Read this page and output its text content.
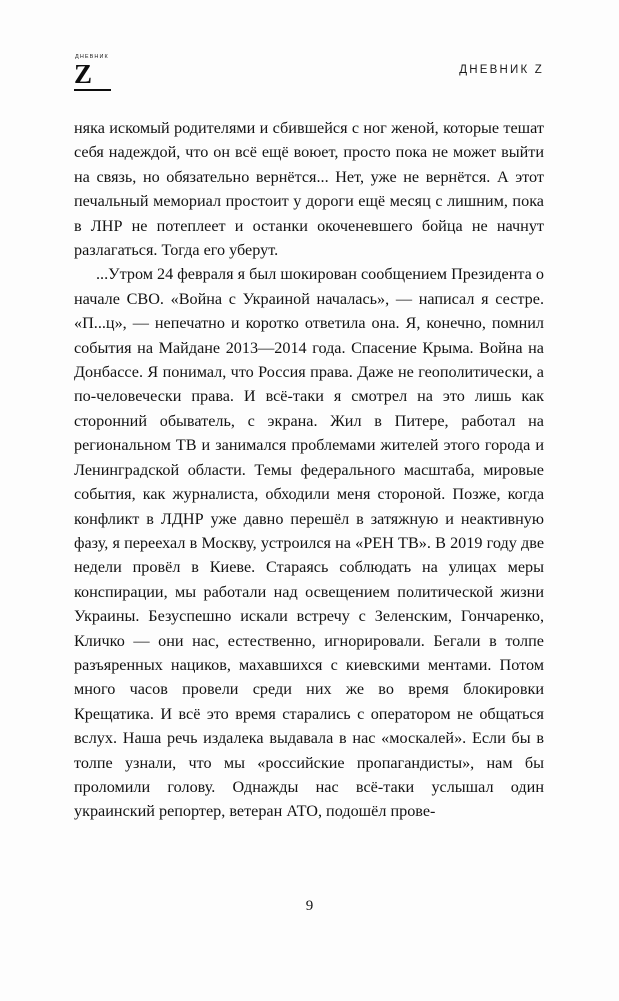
ДНЕВНИК
Z	ДНЕВНИК Z

няка искомый родителями и сбившейся с ног женой, которые тешат себя надеждой, что он всё ещё воюет, просто пока не может выйти на связь, но обязательно вернётся... Нет, уже не вернётся. А этот печальный мемориал простоит у дороги ещё месяц с лишним, пока в ЛНР не потеплеет и останки окоченевшего бойца не начнут разлагаться. Тогда его уберут.

...Утром 24 февраля я был шокирован сообщением Президента о начале СВО. «Война с Украиной началась», — написал я сестре. «П...ц», — непечатно и коротко ответила она. Я, конечно, помнил события на Майдане 2013—2014 года. Спасение Крыма. Война на Донбассе. Я понимал, что Россия права. Даже не геополитически, а по-человечески права. И всё-таки я смотрел на это лишь как сторонний обыватель, с экрана. Жил в Питере, работал на региональном ТВ и занимался проблемами жителей этого города и Ленинградской области. Темы федерального масштаба, мировые события, как журналиста, обходили меня стороной. Позже, когда конфликт в ЛДНР уже давно перешёл в затяжную и неактивную фазу, я переехал в Москву, устроился на «РЕН ТВ». В 2019 году две недели провёл в Киеве. Стараясь соблюдать на улицах меры конспирации, мы работали над освещением политической жизни Украины. Безуспешно искали встречу с Зеленским, Гончаренко, Кличко — они нас, естественно, игнорировали. Бегали в толпе разъяренных нациков, махавшихся с киевскими ментами. Потом много часов провели среди них же во время блокировки Крещатика. И всё это время старались с оператором не общаться вслух. Наша речь издалека выдавала в нас «москалей». Если бы в толпе узнали, что мы «российские пропагандисты», нам бы проломили голову. Однажды нас всё-таки услышал один украинский репортер, ветеран АТО, подошёл прове-

9
